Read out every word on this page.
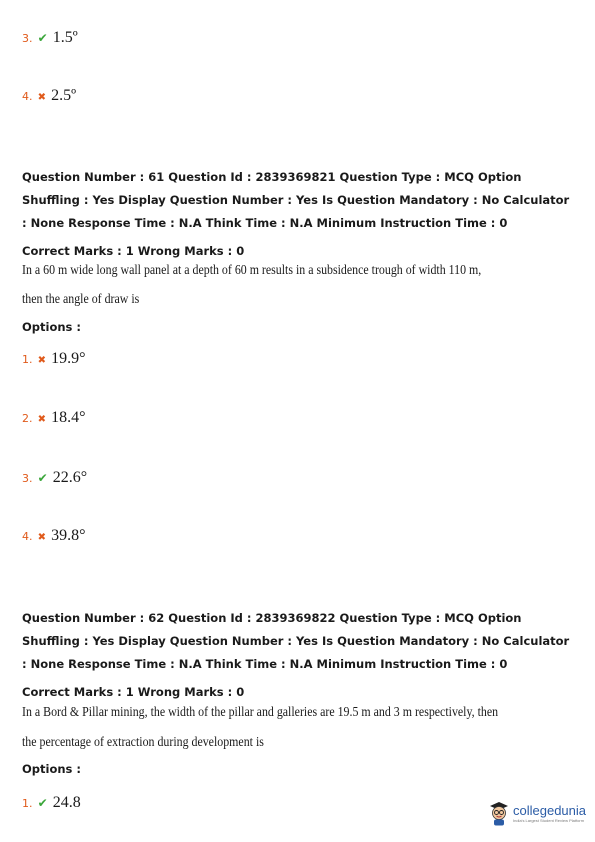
3. ✔ 1.5º
4. ✖ 2.5º
Question Number : 61 Question Id : 2839369821 Question Type : MCQ Option Shuffling : Yes Display Question Number : Yes Is Question Mandatory : No Calculator : None Response Time : N.A Think Time : N.A Minimum Instruction Time : 0
Correct Marks : 1 Wrong Marks : 0
In a 60 m wide long wall panel at a depth of 60 m results in a subsidence trough of width 110 m,
then the angle of draw is
Options :
1. ✖ 19.9°
2. ✖ 18.4°
3. ✔ 22.6°
4. ✖ 39.8°
Question Number : 62 Question Id : 2839369822 Question Type : MCQ Option Shuffling : Yes Display Question Number : Yes Is Question Mandatory : No Calculator : None Response Time : N.A Think Time : N.A Minimum Instruction Time : 0
Correct Marks : 1 Wrong Marks : 0
In a Bord & Pillar mining, the width of the pillar and galleries are 19.5 m and 3 m respectively, then
the percentage of extraction during development is
Options :
1. ✔ 24.8	collegedunia
India's Largest Student Review Platform
